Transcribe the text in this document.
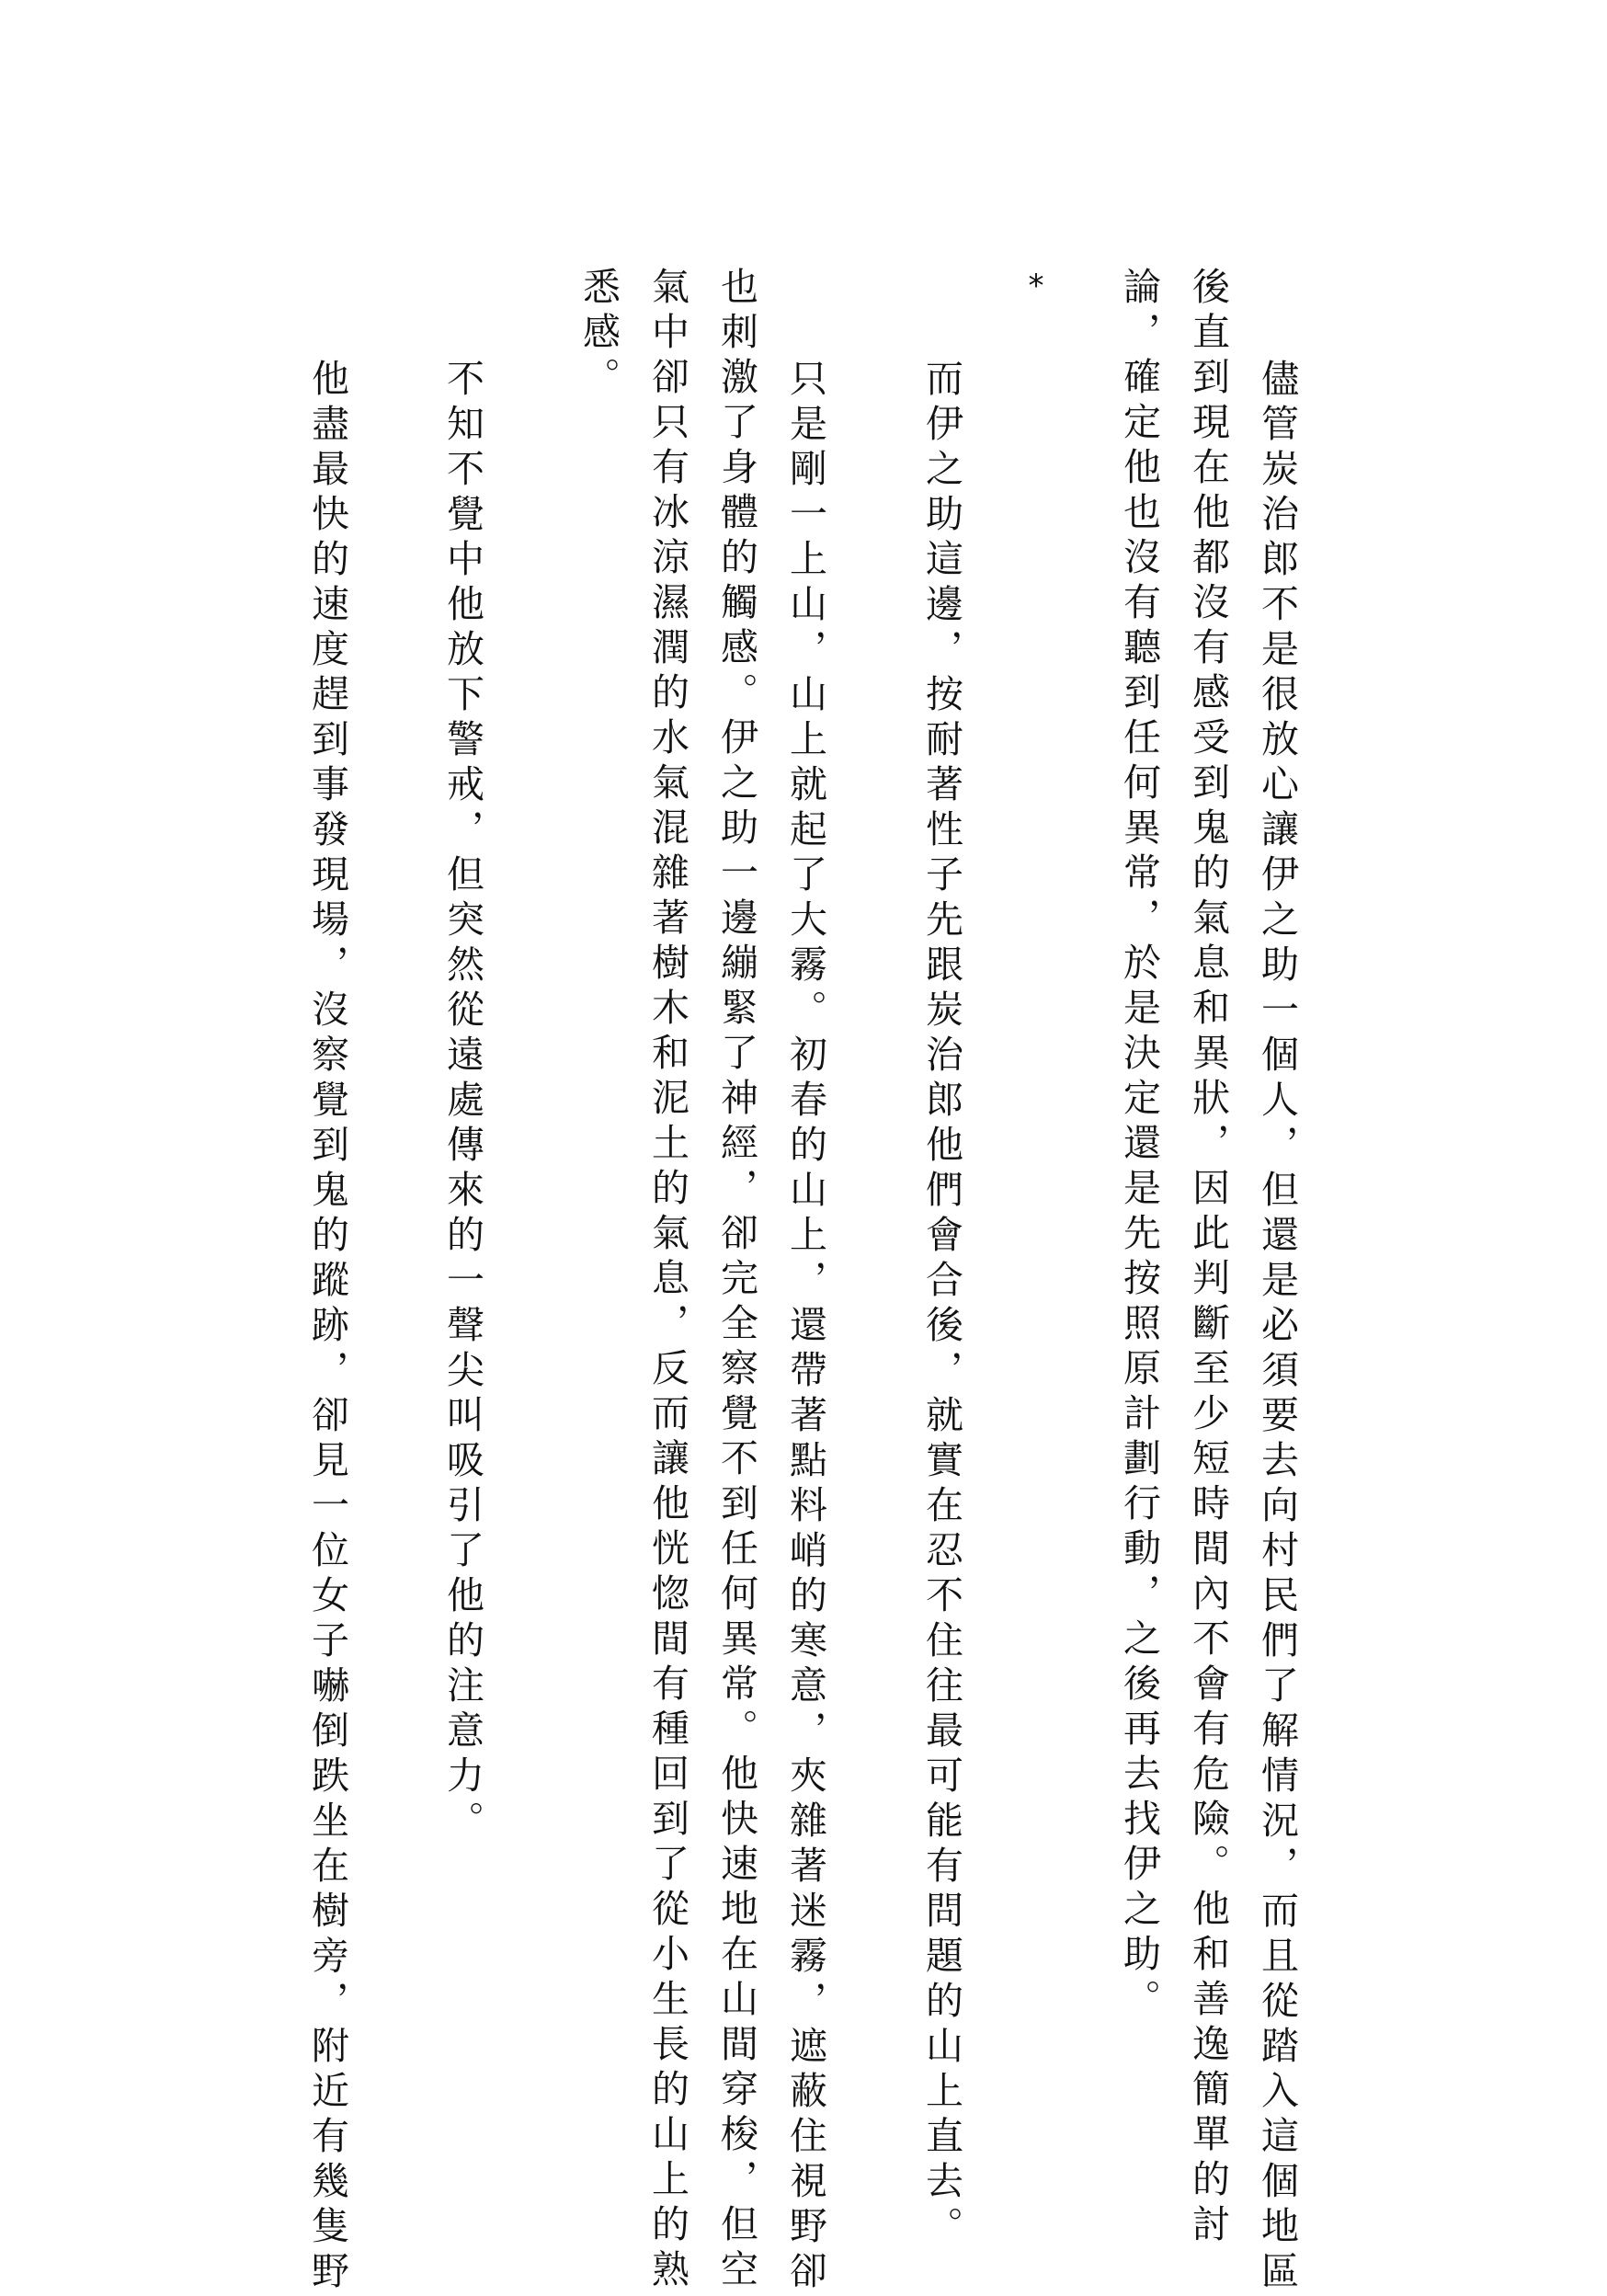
儘管炭治郎不是很放心讓伊之助一個人，但還是必須要去向村民們了解情況，而且從踏入這個地區
後直到現在他都沒有感受到鬼的氣息和異狀，因此判斷至少短時間內不會有危險。他和善逸簡單的討
論，確定他也沒有聽到任何異常，於是決定還是先按照原計劃行動，之後再去找伊之助。
*
而伊之助這邊，按耐著性子先跟炭治郎他們會合後，就實在忍不住往最可能有問題的山上直去。
只是剛一上山，山上就起了大霧。初春的山上，還帶著點料峭的寒意，夾雜著迷霧，遮蔽住視野卻
也刺激了身體的觸感。伊之助一邊繃緊了神經，卻完全察覺不到任何異常。他快速地在山間穿梭，但空
氣中卻只有冰涼濕潤的水氣混雜著樹木和泥土的氣息，反而讓他恍惚間有種回到了從小生長的山上的熟
悉感。
不知不覺中他放下警戒，但突然從遠處傳來的一聲尖叫吸引了他的注意力。
他盡最快的速度趕到事發現場，沒察覺到鬼的蹤跡，卻見一位女子嚇倒跌坐在樹旁，附近有幾隻野
